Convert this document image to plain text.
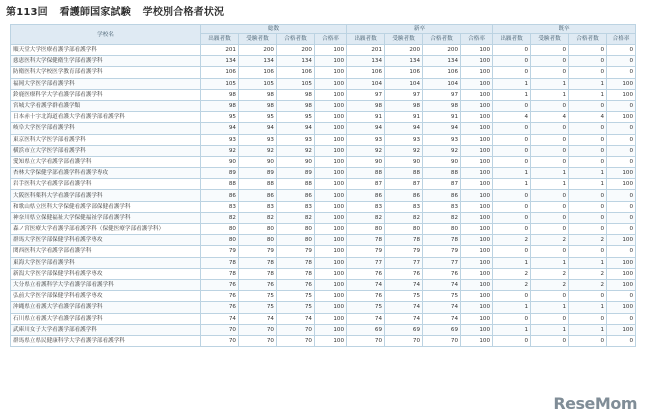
第113回 看護師国家試験 学校別合格者状況
学校名	総数				新卒				既卒			
	出願者数	受験者数	合格者数	合格率	出願者数	受験者数	合格者数	合格率	出願者数	受験者数	合格者数	合格率
順天堂大学医療看護学部看護学科	201	200	200	100	201	200	200	100	0	0	0	0
慈恵医科大学保健衛生学部看護学科	134	134	134	100	134	134	134	100	0	0	0	0
防衛医科大学校医学教育部看護学科	106	106	106	100	106	106	106	100	0	0	0	0
福岡大学医学部看護学科	105	105	105	100	104	104	104	100	1	1	1	100
鈴鹿医療科学大学看護学部看護学科	98	98	98	100	97	97	97	100	1	1	1	100
宮城大学看護学群看護学類	98	98	98	100	98	98	98	100	0	0	0	0
日本赤十字北海道看護大学看護学部看護学科	95	95	95	100	91	91	91	100	4	4	4	100
岐阜大学医学部看護学科	94	94	94	100	94	94	94	100	0	0	0	0
東京医科大学医学部看護学科	93	93	93	100	93	93	93	100	0	0	0	0
横浜市立大学医学部看護学科	92	92	92	100	92	92	92	100	0	0	0	0
愛知県立大学看護学部看護学科	90	90	90	100	90	90	90	100	0	0	0	0
杏林大学保健学部看護学科看護学専攻	89	89	89	100	88	88	88	100	1	1	1	100
岩手医科大学看護学部看護学科	88	88	88	100	87	87	87	100	1	1	1	100
大阪医科薬科大学看護学部看護学科	86	86	86	100	86	86	86	100	0	0	0	0
和歌山県立医科大学保健看護学部保健看護学科	83	83	83	100	83	83	83	100	0	0	0	0
神奈川県立保健福祉大学保健福祉学部看護学科	82	82	82	100	82	82	82	100	0	0	0	0
森ノ宮医療大学看護学部看護学科（保健医療学部看護学科）	80	80	80	100	80	80	80	100	0	0	0	0
群馬大学医学部保健学科看護学専攻	80	80	80	100	78	78	78	100	2	2	2	100
関西医科大学看護学部看護学科	79	79	79	100	79	79	79	100	0	0	0	0
東海大学医学部看護学科	78	78	78	100	77	77	77	100	1	1	1	100
新潟大学医学部保健学科看護学専攻	78	78	78	100	76	76	76	100	2	2	2	100
大分県立看護科学大学看護学部看護学科	76	76	76	100	74	74	74	100	2	2	2	100
弘前大学医学部保健学科看護学専攻	76	75	75	100	76	75	75	100	0	0	0	0
沖縄県立看護大学看護学部看護学科	76	75	75	100	75	74	74	100	1	1	1	100
石川県立看護大学看護学部看護学科	74	74	74	100	74	74	74	100	0	0	0	0
武庫川女子大学看護学部看護学科	70	70	70	100	69	69	69	100	1	1	1	100
群馬県立県民健康科学大学看護学部看護学科	70	70	70	100	70	70	70	100	0	0	0	0
ReseMom
